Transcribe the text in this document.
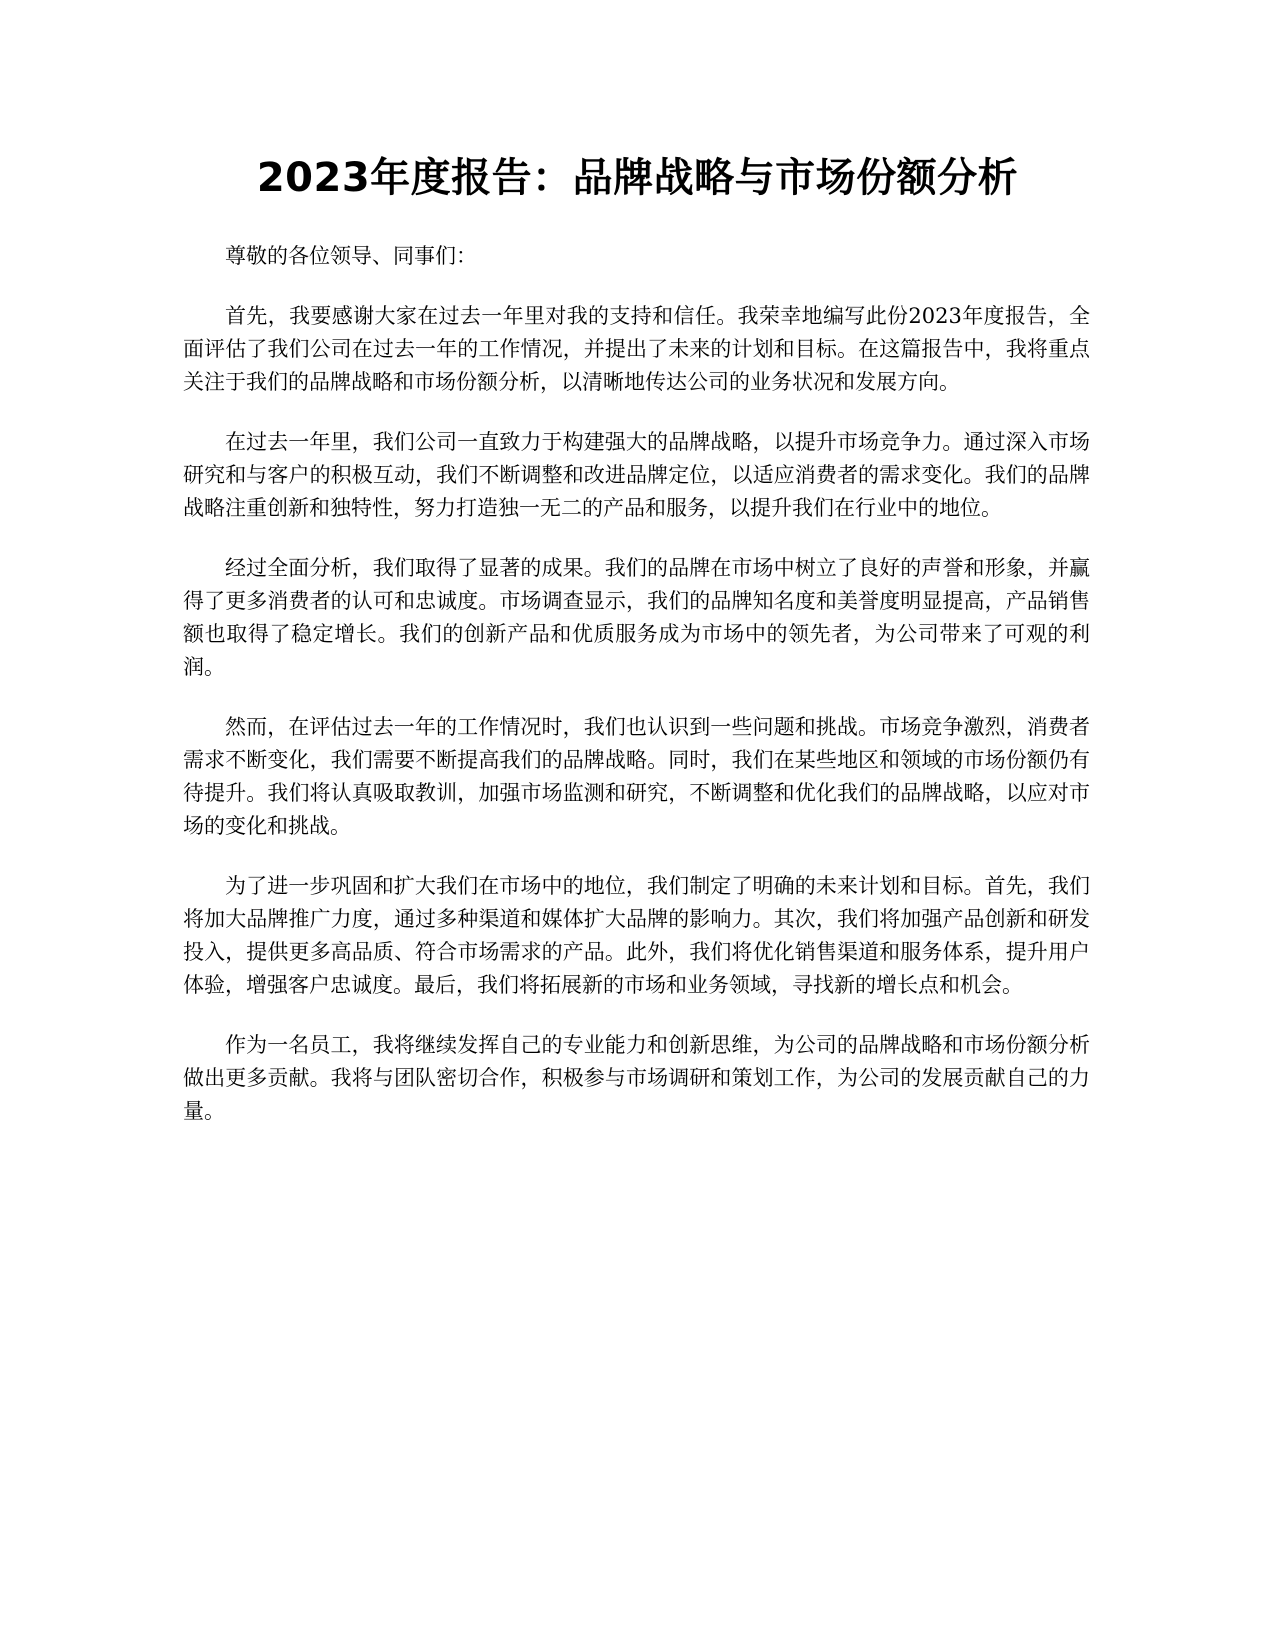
2023年度报告：品牌战略与市场份额分析

尊敬的各位领导、同事们：

首先，我要感谢大家在过去一年里对我的支持和信任。我荣幸地编写此份2023年度报告，全面评估了我们公司在过去一年的工作情况，并提出了未来的计划和目标。在这篇报告中，我将重点关注于我们的品牌战略和市场份额分析，以清晰地传达公司的业务状况和发展方向。

在过去一年里，我们公司一直致力于构建强大的品牌战略，以提升市场竞争力。通过深入市场研究和与客户的积极互动，我们不断调整和改进品牌定位，以适应消费者的需求变化。我们的品牌战略注重创新和独特性，努力打造独一无二的产品和服务，以提升我们在行业中的地位。

经过全面分析，我们取得了显著的成果。我们的品牌在市场中树立了良好的声誉和形象，并赢得了更多消费者的认可和忠诚度。市场调查显示，我们的品牌知名度和美誉度明显提高，产品销售额也取得了稳定增长。我们的创新产品和优质服务成为市场中的领先者，为公司带来了可观的利润。

然而，在评估过去一年的工作情况时，我们也认识到一些问题和挑战。市场竞争激烈，消费者需求不断变化，我们需要不断提高我们的品牌战略。同时，我们在某些地区和领域的市场份额仍有待提升。我们将认真吸取教训，加强市场监测和研究，不断调整和优化我们的品牌战略，以应对市场的变化和挑战。

为了进一步巩固和扩大我们在市场中的地位，我们制定了明确的未来计划和目标。首先，我们将加大品牌推广力度，通过多种渠道和媒体扩大品牌的影响力。其次，我们将加强产品创新和研发投入，提供更多高品质、符合市场需求的产品。此外，我们将优化销售渠道和服务体系，提升用户体验，增强客户忠诚度。最后，我们将拓展新的市场和业务领域，寻找新的增长点和机会。

作为一名员工，我将继续发挥自己的专业能力和创新思维，为公司的品牌战略和市场份额分析做出更多贡献。我将与团队密切合作，积极参与市场调研和策划工作，为公司的发展贡献自己的力量。
